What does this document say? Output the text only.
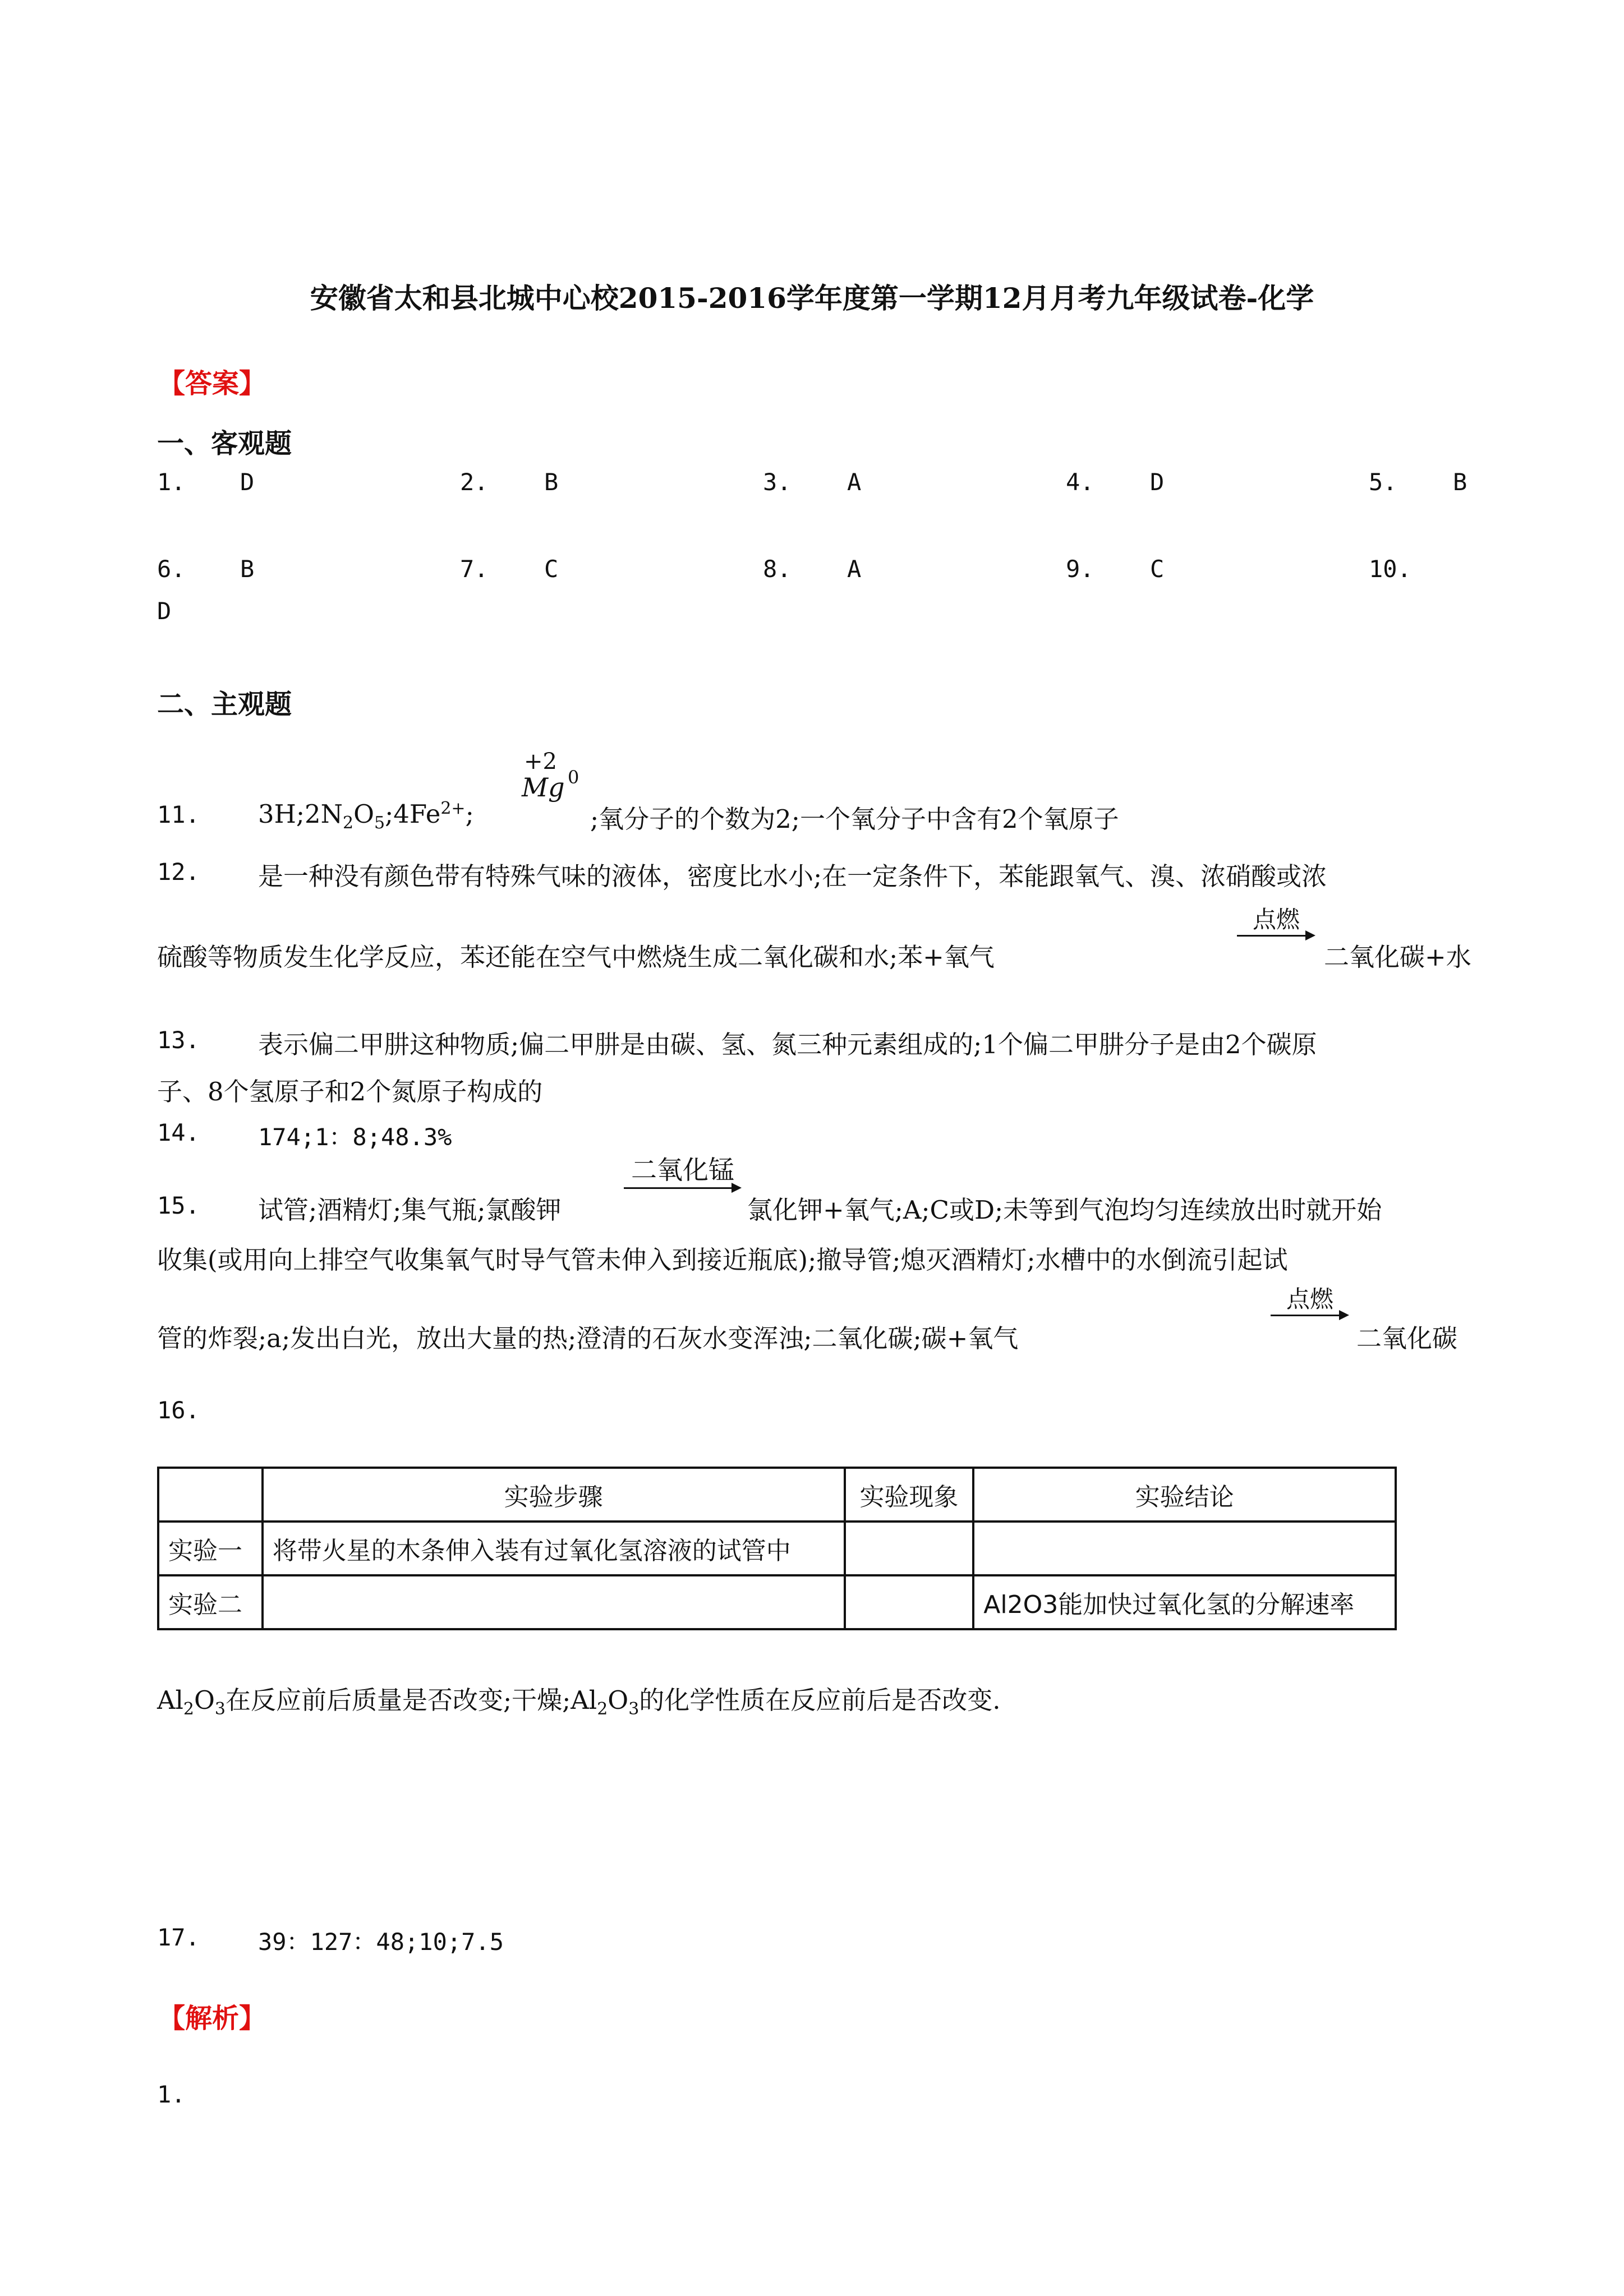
安徽省太和县北城中心校2015-2016学年度第一学期12月月考九年级试卷-化学
【答案】
一、客观题
1. D	2. B	3. A	4. D	5. B
6. B	7. C	8. A	9. C	10.
D
二、主观题
11. $3H;2N_2O_5;4Fe^{2+}$;
+2
Mg 0
;氧分子的个数为2;一个氧分子中含有2个氧原子
12. 是一种没有颜色带有特殊气味的液体，密度比水小;在一定条件下，苯能跟氧气、溴、浓硝酸或浓
硫酸等物质发生化学反应，苯还能在空气中燃烧生成二氧化碳和水;苯+氧气
点燃
二氧化碳+水
13. 表示偏二甲肼这种物质;偏二甲肼是由碳、氢、氮三种元素组成的;1个偏二甲肼分子是由2个碳原
子、8个氢原子和2个氮原子构成的
14. 174;1：8;48.3%
15. 试管;酒精灯;集气瓶;氯酸钾
二氧化锰
氯化钾+氧气;A;C或D;未等到气泡均匀连续放出时就开始
收集(或用向上排空气收集氧气时导气管未伸入到接近瓶底);撤导管;熄灭酒精灯;水槽中的水倒流引起试
管的炸裂;a;发出白光，放出大量的热;澄清的石灰水变浑浊;二氧化碳;碳+氧气
点燃
二氧化碳
16.
	实验步骤	实验现象	实验结论
实验一	将带火星的木条伸入装有过氧化氢溶液的试管中		
实验二			Al2O3能加快过氧化氢的分解速率
$Al_2O_3$在反应前后质量是否改变;干燥$;Al_2O_3$的化学性质在反应前后是否改变.
17. 39：127：48;10;7.5
【解析】
1.
